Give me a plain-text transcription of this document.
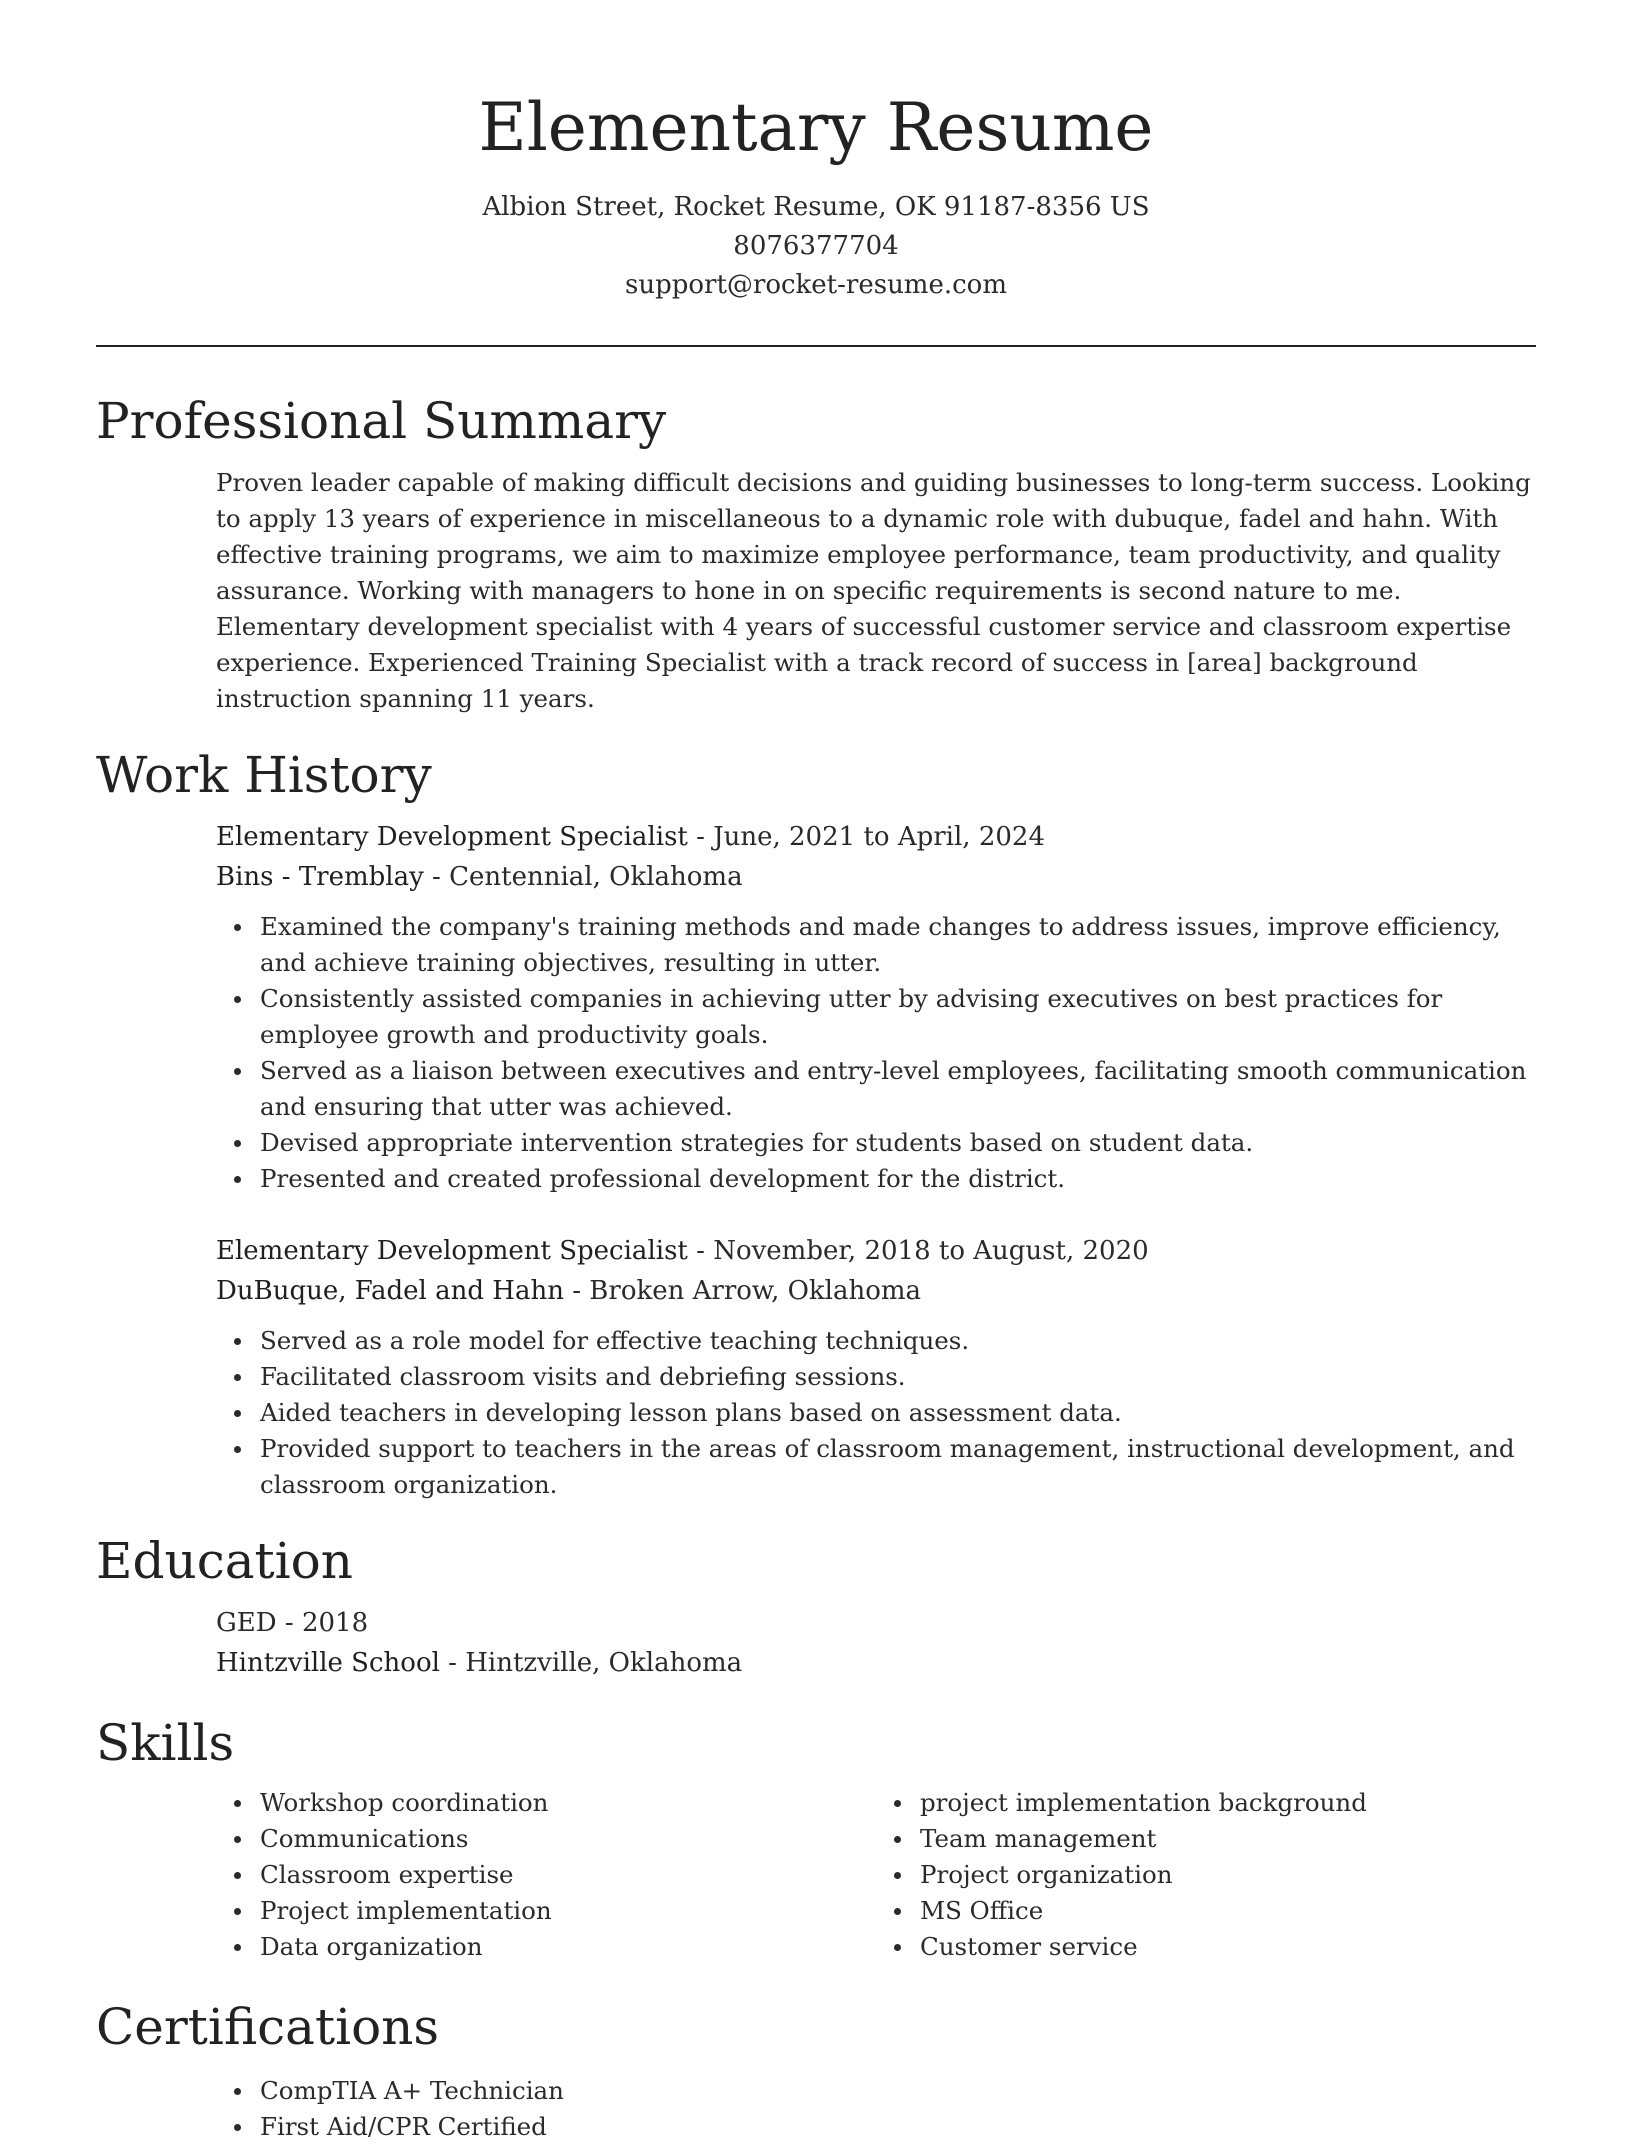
Elementary Resume
Albion Street, Rocket Resume, OK 91187-8356 US
8076377704
support@rocket-resume.com
Professional Summary

Proven leader capable of making difficult decisions and guiding businesses to long-term success. Looking to apply 13 years of experience in miscellaneous to a dynamic role with dubuque, fadel and hahn. With effective training programs, we aim to maximize employee performance, team productivity, and quality assurance. Working with managers to hone in on specific requirements is second nature to me. Elementary development specialist with 4 years of successful customer service and classroom expertise experience. Experienced Training Specialist with a track record of success in [area] background instruction spanning 11 years.

Work History
Elementary Development Specialist - June, 2021 to April, 2024
Bins - Tremblay - Centennial, Oklahoma
Examined the company's training methods and made changes to address issues, improve efficiency, and achieve training objectives, resulting in utter.
Consistently assisted companies in achieving utter by advising executives on best practices for employee growth and productivity goals.
Served as a liaison between executives and entry-level employees, facilitating smooth communication and ensuring that utter was achieved.
Devised appropriate intervention strategies for students based on student data.
Presented and created professional development for the district.
Elementary Development Specialist - November, 2018 to August, 2020
DuBuque, Fadel and Hahn - Broken Arrow, Oklahoma
Served as a role model for effective teaching techniques.
Facilitated classroom visits and debriefing sessions.
Aided teachers in developing lesson plans based on assessment data.
Provided support to teachers in the areas of classroom management, instructional development, and classroom organization.
Education
GED - 2018
Hintzville School - Hintzville, Oklahoma
Skills
Workshop coordination
Communications
Classroom expertise
Project implementation
Data organization
project implementation background
Team management
Project organization
MS Office
Customer service
Certifications
CompTIA A+ Technician
First Aid/CPR Certified
